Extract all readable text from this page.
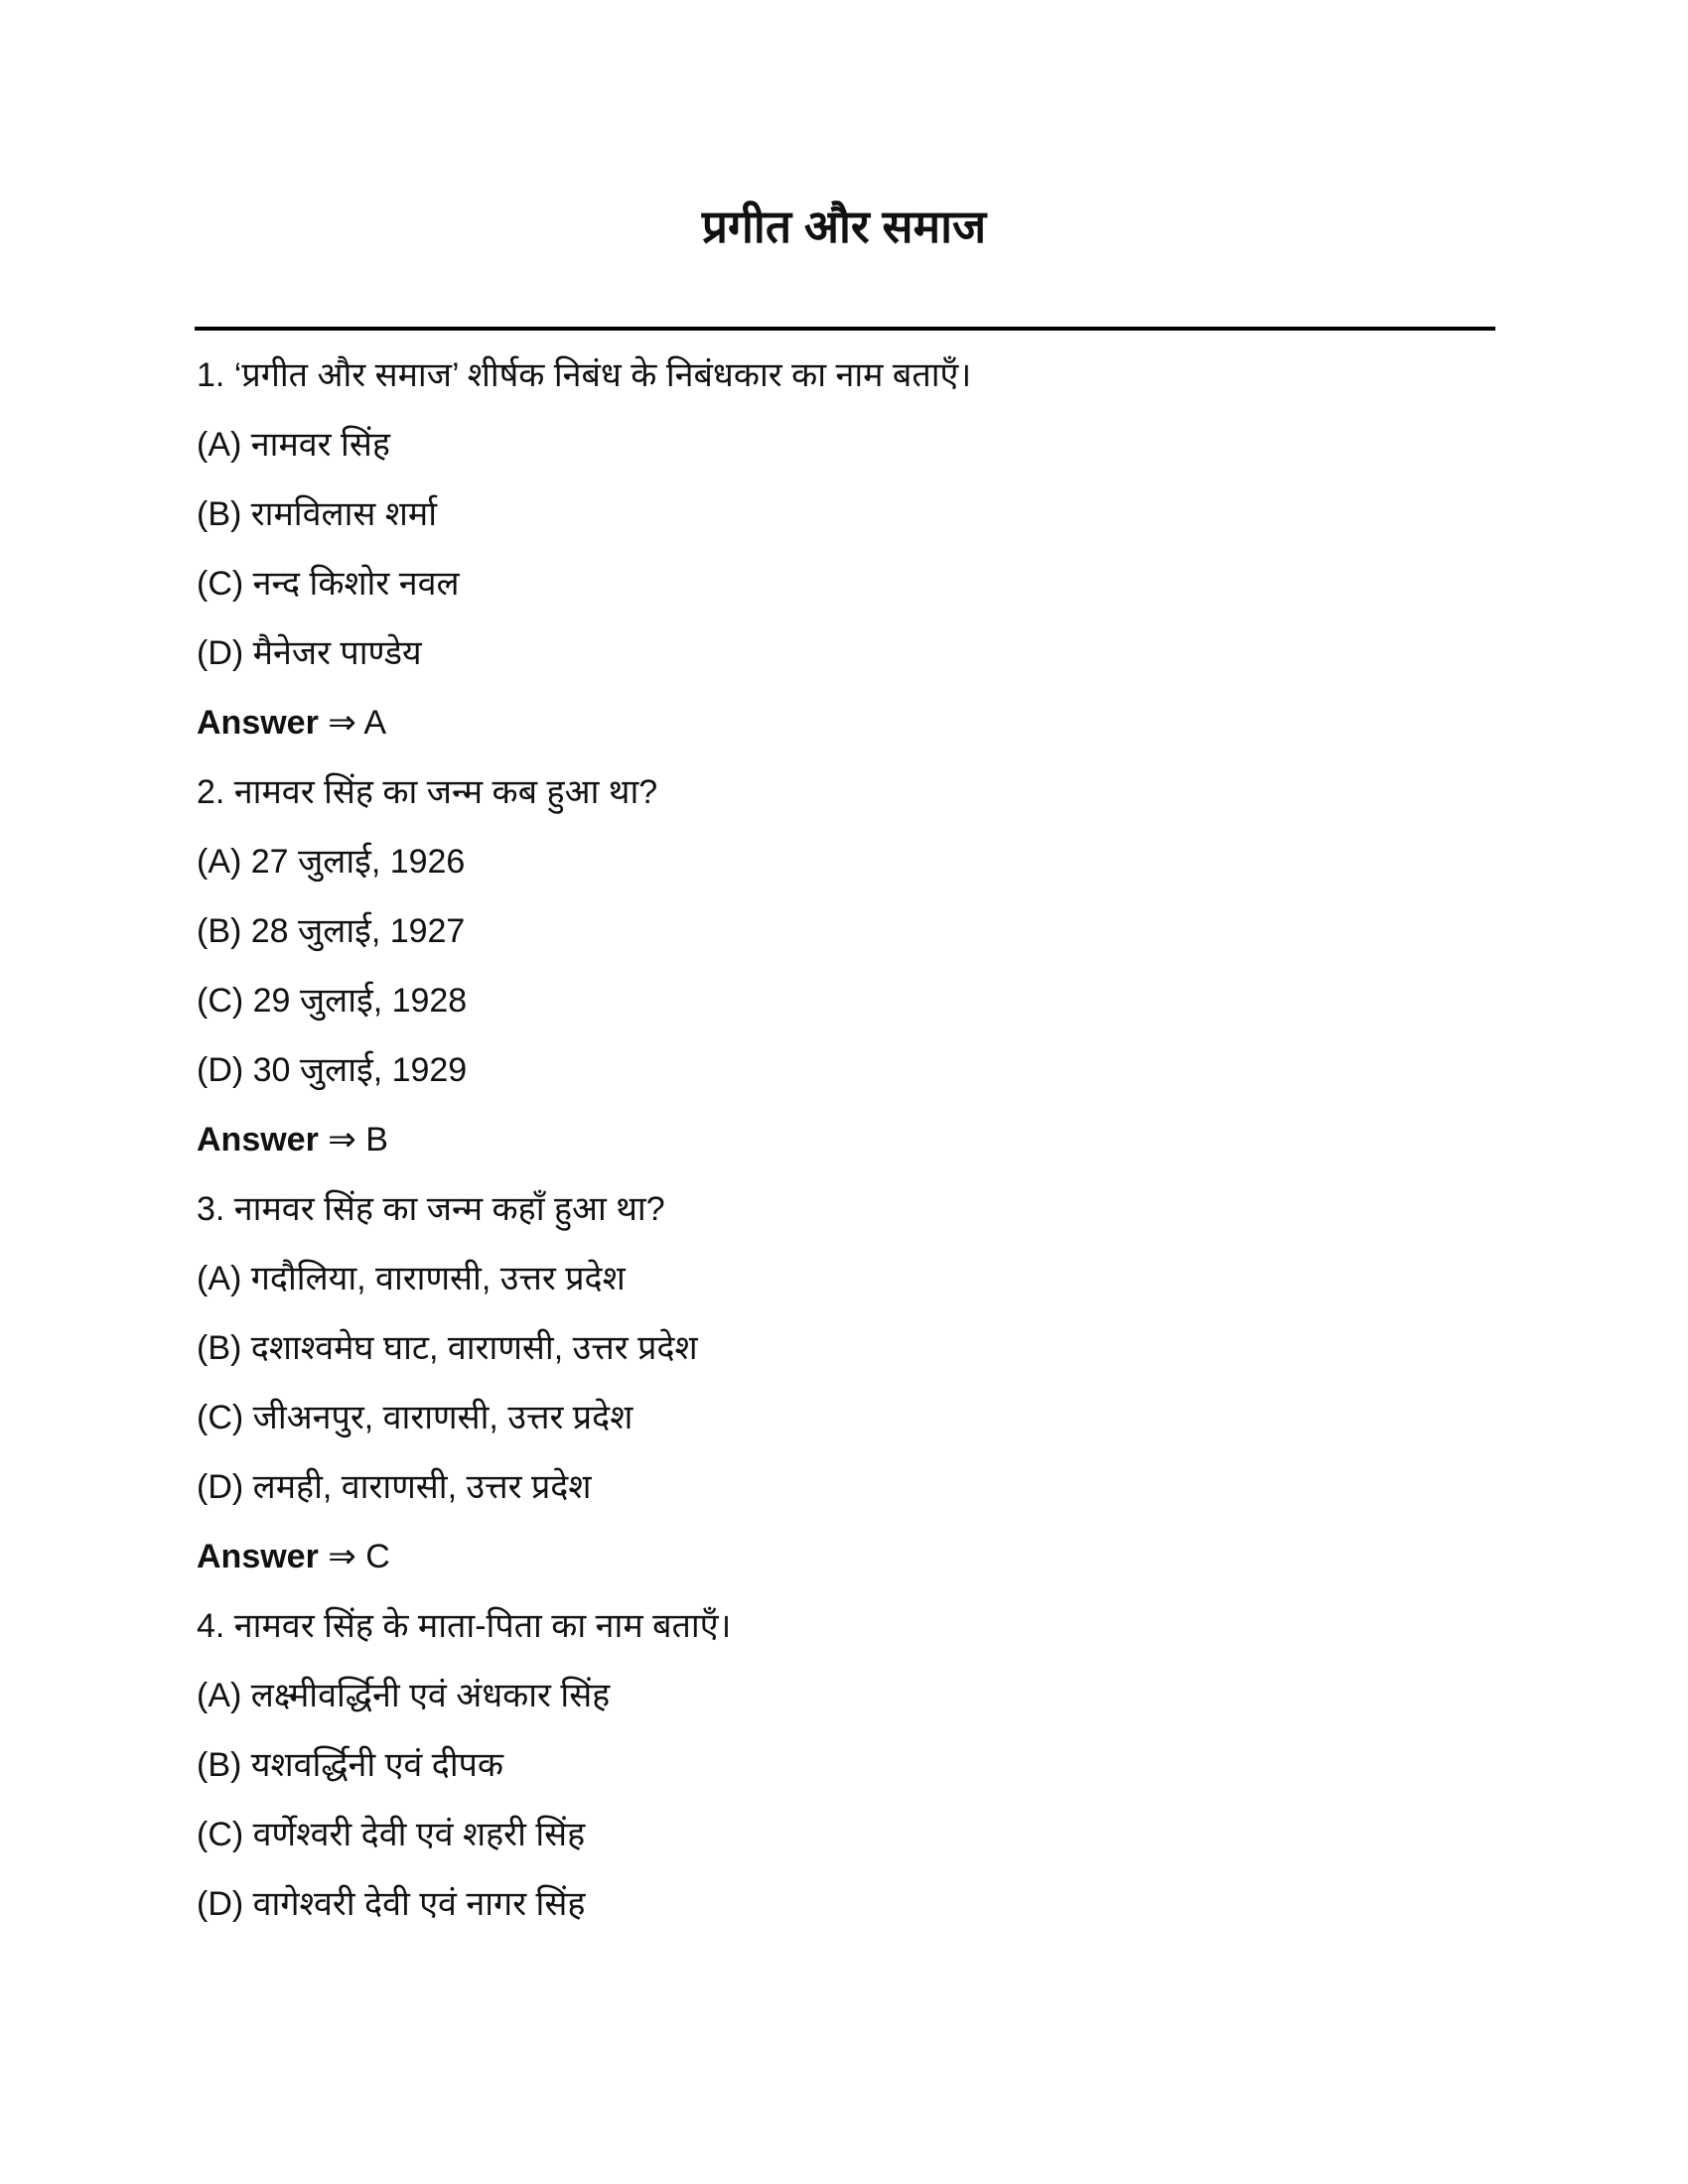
प्रगीत और समाज
1. ‘प्रगीत और समाज’ शीर्षक निबंध के निबंधकार का नाम बताएँ।
(A) नामवर सिंह
(B) रामविलास शर्मा
(C) नन्द किशोर नवल
(D) मैनेजर पाण्डेय
Answer ⇒ A
2. नामवर सिंह का जन्म कब हुआ था?
(A) 27 जुलाई, 1926
(B) 28 जुलाई, 1927
(C) 29 जुलाई, 1928
(D) 30 जुलाई, 1929
Answer ⇒ B
3. नामवर सिंह का जन्म कहाँ हुआ था?
(A) गदौलिया, वाराणसी, उत्तर प्रदेश
(B) दशाश्वमेघ घाट, वाराणसी, उत्तर प्रदेश
(C) जीअनपुर, वाराणसी, उत्तर प्रदेश
(D) लमही, वाराणसी, उत्तर प्रदेश
Answer ⇒ C
4. नामवर सिंह के माता-पिता का नाम बताएँ।
(A) लक्ष्मीवर्द्धिनी एवं अंधकार सिंह
(B) यशवर्द्धिनी एवं दीपक
(C) वर्णेश्वरी देवी एवं शहरी सिंह
(D) वागेश्वरी देवी एवं नागर सिंह
